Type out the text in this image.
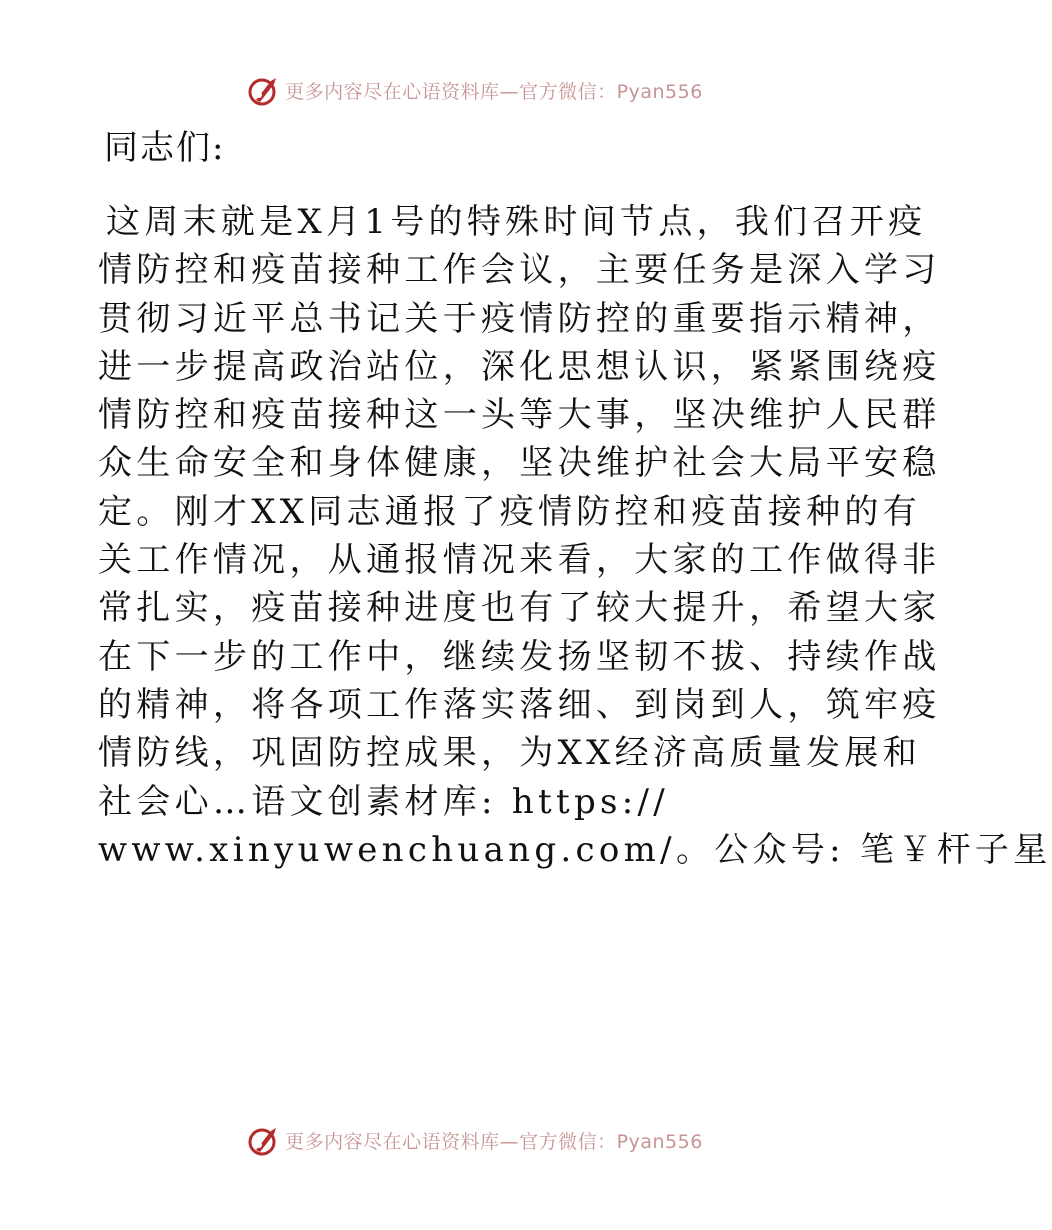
更多内容尽在心语资料库—官方微信：Pyan556
同志们:
这周末就是X月1号的特殊时间节点，我们召开疫
情防控和疫苗接种工作会议，主要任务是深入学习
贯彻习近平总书记关于疫情防控的重要指示精神，
进一步提高政治站位，深化思想认识，紧紧围绕疫
情防控和疫苗接种这一头等大事，坚决维护人民群
众生命安全和身体健康，坚决维护社会大局平安稳
定。刚才XX同志通报了疫情防控和疫苗接种的有
关工作情况，从通报情况来看，大家的工作做得非
常扎实，疫苗接种进度也有了较大提升，希望大家
在下一步的工作中，继续发扬坚韧不拔、持续作战
的精神，将各项工作落实落细、到岗到人，筑牢疫
情防线，巩固防控成果，为XX经济高质量发展和
社会心…语文创素材库: https://
www.xinyuwenchuang.com/。公众号: 笔￥杆子星
更多内容尽在心语资料库—官方微信：Pyan556
